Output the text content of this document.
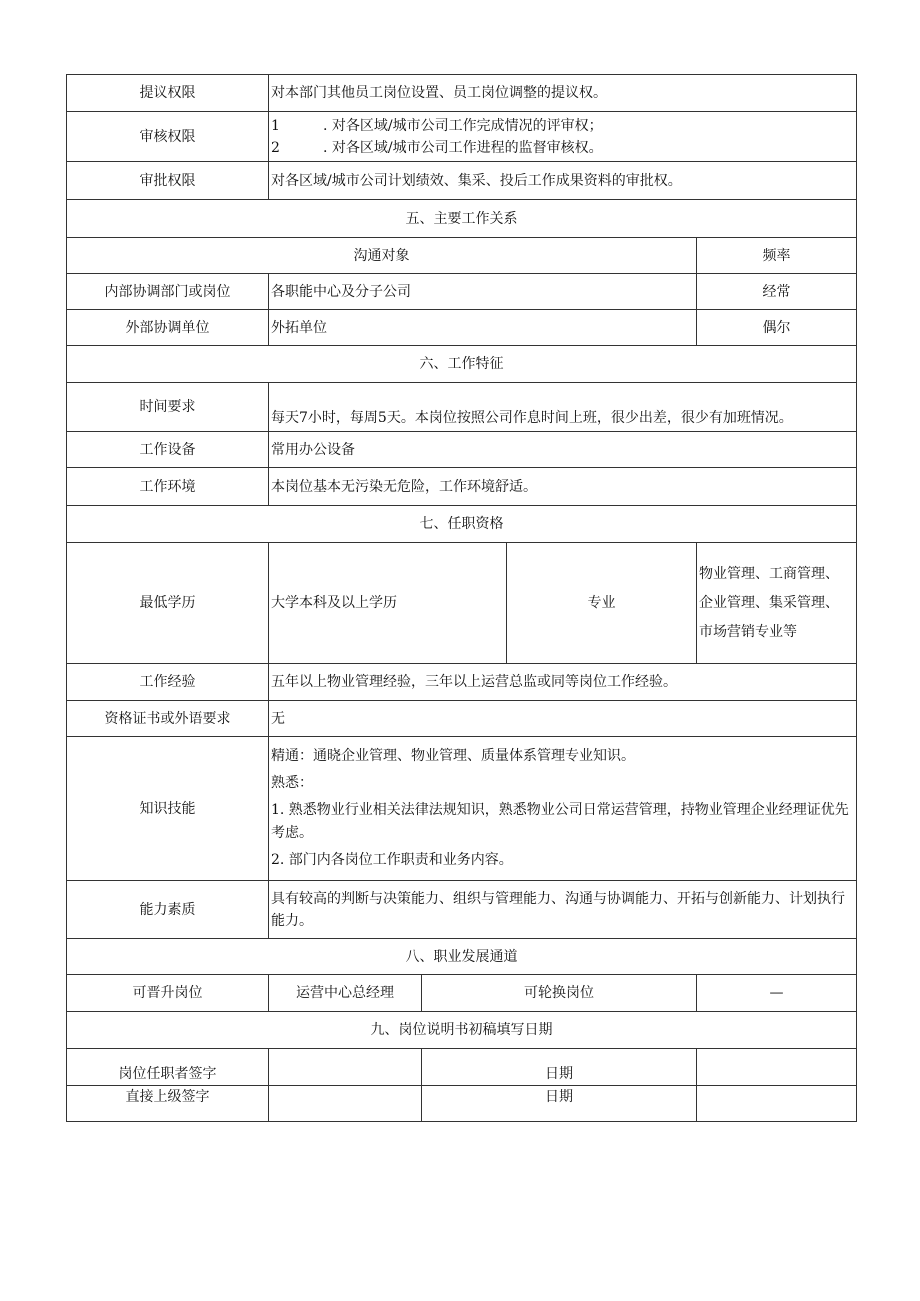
提议权限	对本部门其他员工岗位设置、员工岗位调整的提议权。			
审核权限	1 . 对各区域/城市公司工作完成情况的评审权；
2 . 对各区域/城市公司工作进程的监督审核权。			

审批权限	对各区域/城市公司计划绩效、集采、投后工作成果资料的审批权。			
五、主要工作关系				
沟通对象				频率
内部协调部门或岗位	各职能中心及分子公司			经常
外部协调单位	外拓单位			偶尔
六、工作特征				
时间要求	每天7小时，每周5天。本岗位按照公司作息时间上班，很少出差，很少有加班情况。			
工作设备	常用办公设备			
工作环境	本岗位基本无污染无危险，工作环境舒适。			
七、任职资格				
最低学历	大学本科及以上学历		专业	物业管理、工商管理、

企业管理、集采管理、

市场营销专业等

工作经验	五年以上物业管理经验，三年以上运营总监或同等岗位工作经验。			
资格证书或外语要求	无			
知识技能	精通：通晓企业管理、物业管理、质量体系管理专业知识。

熟悉：

1. 熟悉物业行业相关法律法规知识，熟悉物业公司日常运营管理，持物业管理企业经理证优先考虑。

2. 部门内各岗位工作职责和业务内容。			

能力素质	具有较高的判断与决策能力、组织与管理能力、沟通与协调能力、开拓与创新能力、计划执行能力。			
八、职业发展通道				
可晋升岗位	运营中心总经理	可轮换岗位		—
九、岗位说明书初稿填写日期				
岗位任职者签字		日期		
直接上级签字		日期		
